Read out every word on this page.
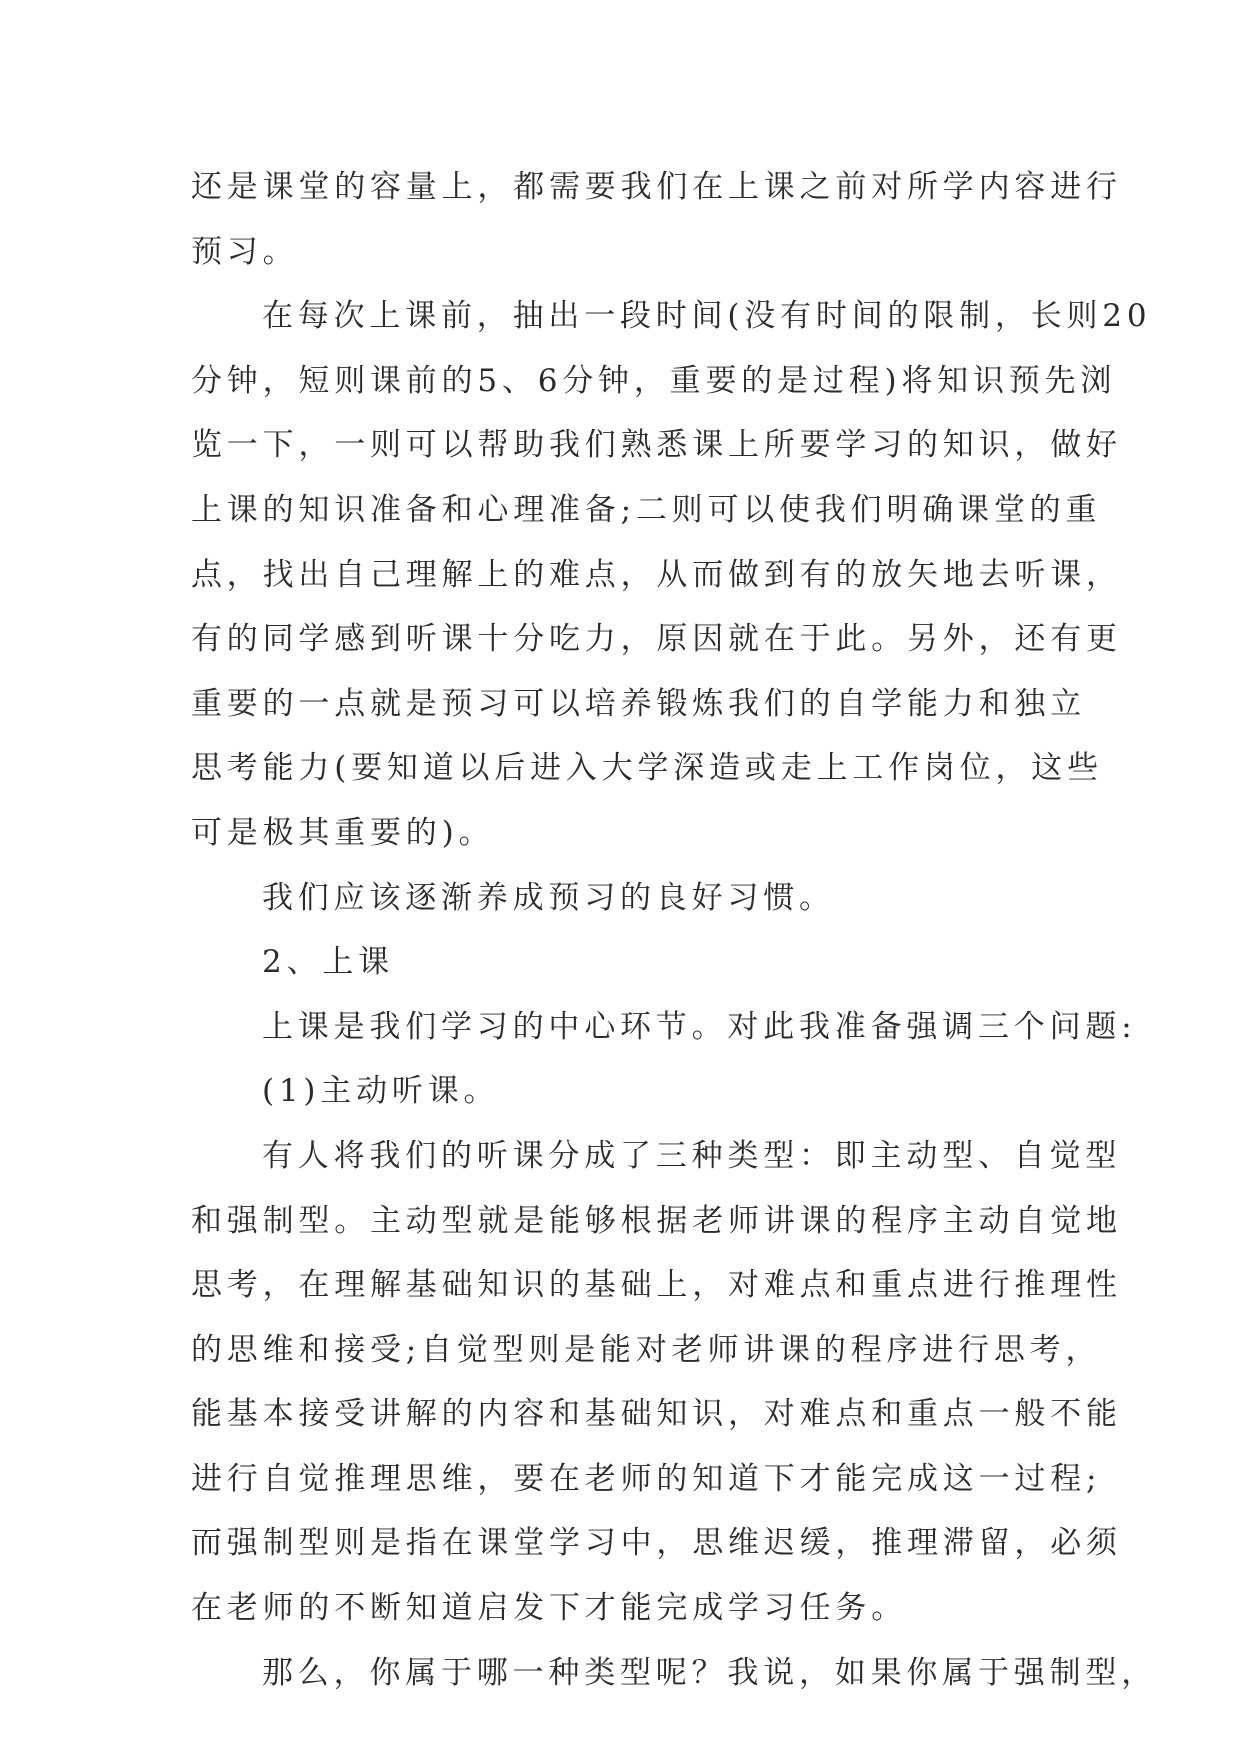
还是课堂的容量上，都需要我们在上课之前对所学内容进行
预习。
在每次上课前，抽出一段时间(没有时间的限制，长则20
分钟，短则课前的5、6分钟，重要的是过程)将知识预先浏
览一下，一则可以帮助我们熟悉课上所要学习的知识，做好
上课的知识准备和心理准备;二则可以使我们明确课堂的重
点，找出自己理解上的难点，从而做到有的放矢地去听课，
有的同学感到听课十分吃力，原因就在于此。另外，还有更
重要的一点就是预习可以培养锻炼我们的自学能力和独立
思考能力(要知道以后进入大学深造或走上工作岗位，这些
可是极其重要的)。
我们应该逐渐养成预习的良好习惯。
2、上课
上课是我们学习的中心环节。对此我准备强调三个问题:
(1)主动听课。
有人将我们的听课分成了三种类型：即主动型、自觉型
和强制型。主动型就是能够根据老师讲课的程序主动自觉地
思考，在理解基础知识的基础上，对难点和重点进行推理性
的思维和接受;自觉型则是能对老师讲课的程序进行思考，
能基本接受讲解的内容和基础知识，对难点和重点一般不能
进行自觉推理思维，要在老师的知道下才能完成这一过程;
而强制型则是指在课堂学习中，思维迟缓，推理滞留，必须
在老师的不断知道启发下才能完成学习任务。
那么，你属于哪一种类型呢？我说，如果你属于强制型，
